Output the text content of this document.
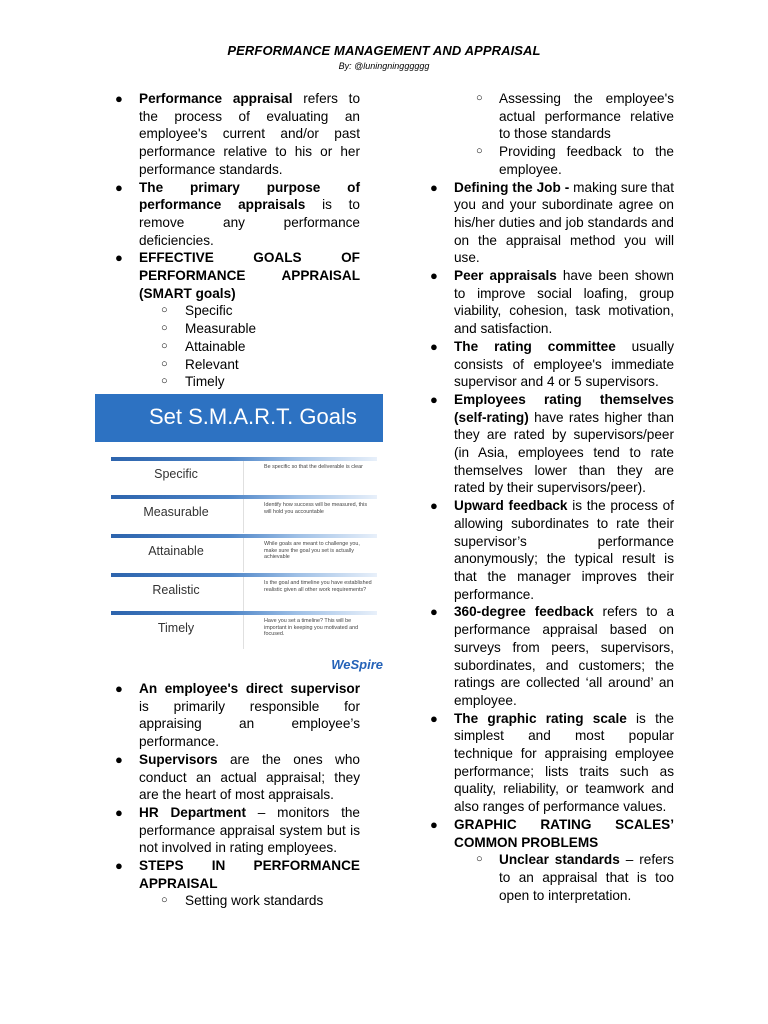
PERFORMANCE MANAGEMENT AND APPRAISAL
By: @luningningggggg
● Performance appraisal refers to the process of evaluating an employee's current and/or past performance relative to his or her performance standards.
● The primary purpose of performance appraisals is to remove any performance deficiencies.
● EFFECTIVE GOALS OF PERFORMANCE APPRAISAL (SMART goals)
○ Specific
○ Measurable
○ Attainable
○ Relevant
○ Timely
Set S.M.A.R.T. Goals
Specific	Be specific so that the deliverable is clear
Measurable	Identify how success will be measured, this will hold you accountable
Attainable	While goals are meant to challenge you, make sure the goal you set is actually achievable
Realistic	Is the goal and timeline you have established realistic given all other work requirements?
Timely	Have you set a timeline? This will be important in keeping you motivated and focused.
WeSpire
● An employee's direct supervisor is primarily responsible for appraising an employee’s performance.
● Supervisors are the ones who conduct an actual appraisal; they are the heart of most appraisals.
● HR Department – monitors the performance appraisal system but is not involved in rating employees.
● STEPS IN PERFORMANCE APPRAISAL
○ Setting work standards
○ Assessing the employee's actual performance relative to those standards
○ Providing feedback to the employee.
● Defining the Job - making sure that you and your subordinate agree on his/her duties and job standards and on the appraisal method you will use.
● Peer appraisals have been shown to improve social loafing, group viability, cohesion, task motivation, and satisfaction.
● The rating committee usually consists of employee's immediate supervisor and 4 or 5 supervisors.
● Employees rating themselves (self-rating) have rates higher than they are rated by supervisors/peer (in Asia, employees tend to rate themselves lower than they are rated by their supervisors/peer).
● Upward feedback is the process of allowing subordinates to rate their supervisor’s performance anonymously; the typical result is that the manager improves their performance.
● 360-degree feedback refers to a performance appraisal based on surveys from peers, supervisors, subordinates, and customers; the ratings are collected ‘all around’ an employee.
● The graphic rating scale is the simplest and most popular technique for appraising employee performance; lists traits such as quality, reliability, or teamwork and also ranges of performance values.
● GRAPHIC RATING SCALES’ COMMON PROBLEMS
○ Unclear standards – refers to an appraisal that is too open to interpretation.
